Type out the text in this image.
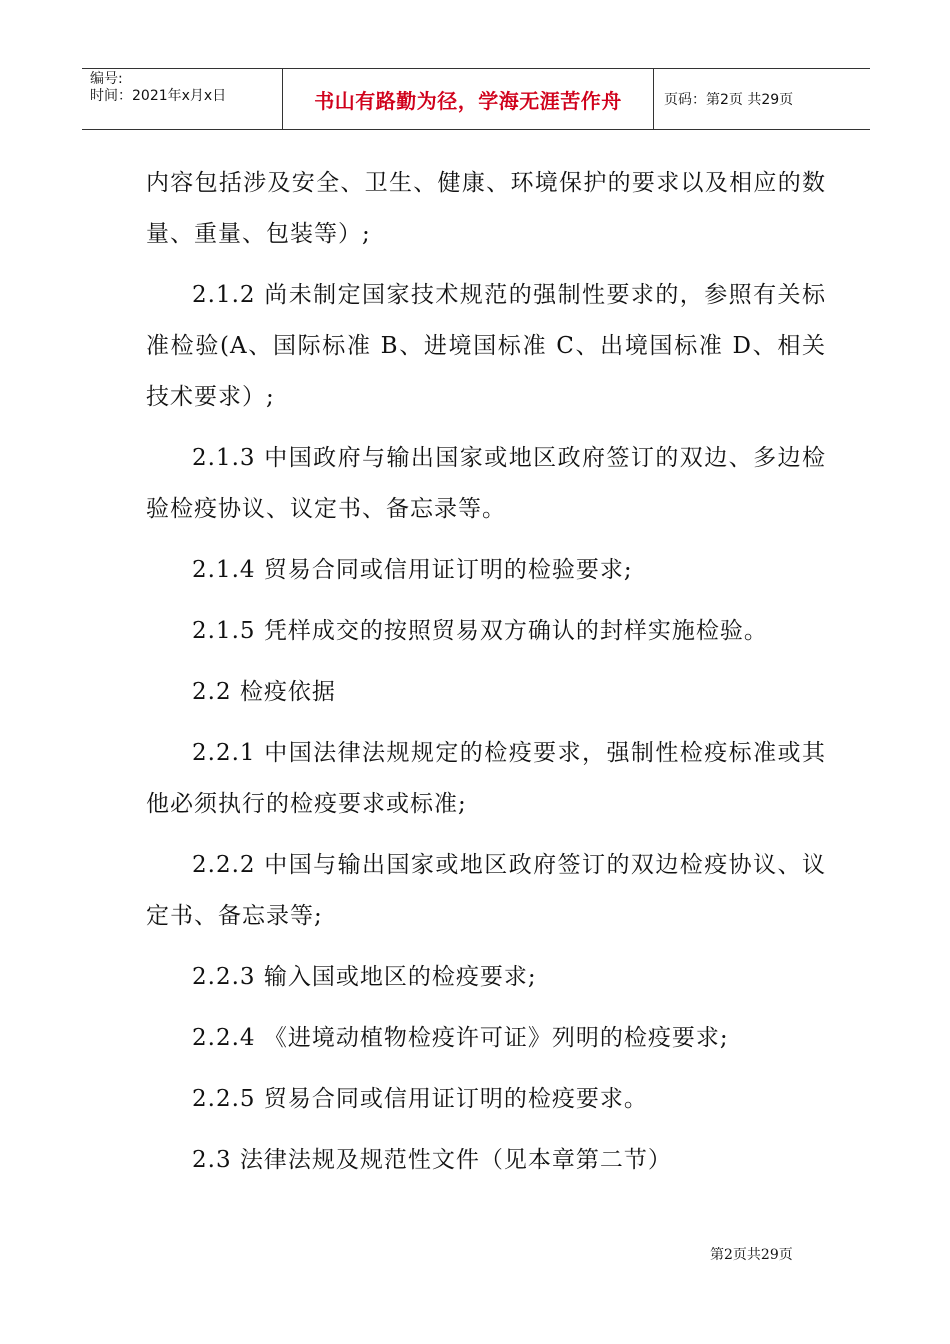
编号:
时间：2021年x月x日	书山有路勤为径，学海无涯苦作舟	页码：第2页 共29页

内容包括涉及安全、卫生、健康、环境保护的要求以及相应的数量、重量、包装等）;

2.1.2 尚未制定国家技术规范的强制性要求的，参照有关标准检验(A、国际标准 B、进境国标准 C、出境国标准 D、相关技术要求）;

2.1.3 中国政府与输出国家或地区政府签订的双边、多边检验检疫协议、议定书、备忘录等。

2.1.4 贸易合同或信用证订明的检验要求;

2.1.5 凭样成交的按照贸易双方确认的封样实施检验。

2.2 检疫依据

2.2.1 中国法律法规规定的检疫要求，强制性检疫标准或其他必须执行的检疫要求或标准;

2.2.2 中国与输出国家或地区政府签订的双边检疫协议、议定书、备忘录等;

2.2.3 输入国或地区的检疫要求;

2.2.4 《进境动植物检疫许可证》列明的检疫要求;

2.2.5 贸易合同或信用证订明的检疫要求。

2.3 法律法规及规范性文件（见本章第二节）

第2页共29页
